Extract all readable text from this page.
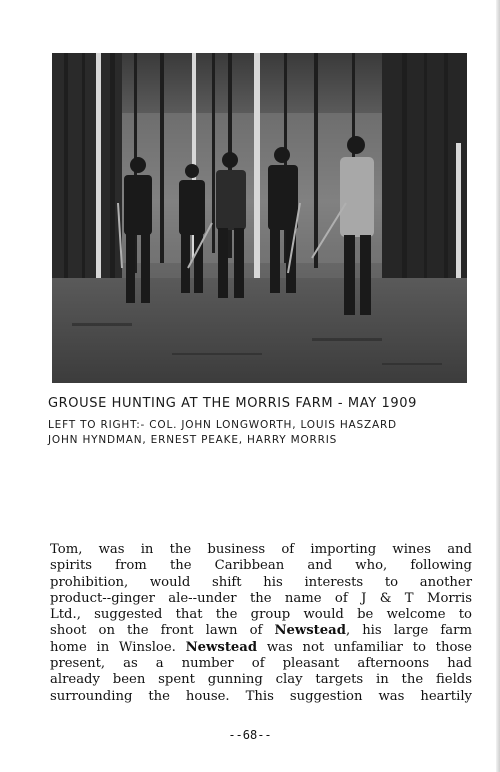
GROUSE HUNTING AT THE MORRIS FARM - MAY 1909
LEFT TO RIGHT:- COL. JOHN LONGWORTH, LOUIS HASZARD
JOHN HYNDMAN, ERNEST PEAKE, HARRY MORRIS
Tom, was in the business of importing wines and
spirits from the Caribbean and who, following
prohibition, would shift his interests to another
product--ginger ale--under the name of J & T Morris
Ltd., suggested that the group would be welcome to
shoot on the front lawn of Newstead, his large farm
home in Winsloe. Newstead was not unfamiliar to those
present, as a number of pleasant afternoons had
already been spent gunning clay targets in the fields
surrounding the house. This suggestion was heartily
--68--
